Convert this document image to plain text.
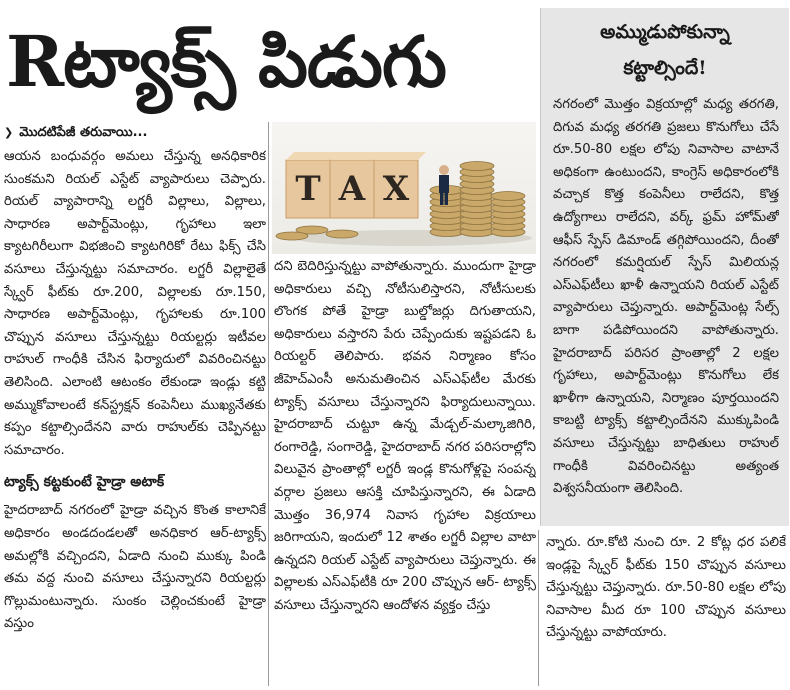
Rట్యాక్స్ పిడుగు
❯ మొదటిపేజీ తరువాయి...

ఆయన బంధువర్గం అమలు చేస్తున్న అనధికారిక సుంకమని రియల్ ఎస్టేట్ వ్యాపారులు చెప్పారు. రియల్ వ్యాపారాన్ని లగ్జరీ విల్లాలు, విల్లాలు, సాధారణ అపార్ట్‌మెంట్లు, గృహాలు ఇలా క్యాటగిరీలుగా విభజించి క్యాటగిరికో రేటు ఫిక్స్ చేసి వసూలు చేస్తున్నట్టు సమాచారం. లగ్జరీ విల్లాలైతే స్క్వేర్ ఫీట్‌కు రూ.200, విల్లాలకు రూ.150, సాధారణ అపార్ట్‌మెంట్లు, గృహాలకు రూ.100 చొప్పున వసూలు చేస్తున్నట్టు రియల్టర్లు ఇటీవల రాహుల్ గాంధీకి చేసిన ఫిర్యాదులో వివరించినట్టు తెలిసింది. ఎలాంటి ఆటంకం లేకుండా ఇండ్లు కట్టి అమ్ముకోవాలంటే కన్‌స్ట్రక్షన్ కంపెనీలు ముఖ్యనేతకు కప్పం కట్టాల్సిందేనని వారు రాహుల్‌కు చెప్పినట్టు సమాచారం.

ట్యాక్స్ కట్టకుంటే హైడ్రా అటాక్

హైదరాబాద్ నగరంలో హైడ్రా వచ్చిన కొంత కాలానికే అధికారం అండదండలతో అనధికార ఆర్-ట్యాక్స్ అమల్లోకి వచ్చిందని, ఏడాది నుంచి ముక్కు పిండి తమ వద్ద నుంచి వసూలు చేస్తున్నారని రియల్టర్లు గొల్లుమంటున్నారు. సుంకం చెల్లించకుంటే హైడ్రా వస్తుం

T A X

దని బెదిరిస్తున్నట్టు వాపోతున్నారు. ముందుగా హైడ్రా అధికారులు వచ్చి నోటీసులిస్తారని, నోటీసులకు లొంగక పోతే హైడ్రా బుల్డోజర్లు దిగుతాయని, అధికారులు వస్తారని పేరు చెప్పేందుకు ఇష్టపడని ఓ రియల్టర్ తెలిపారు. భవన నిర్మాణం కోసం జీహెచ్ఎంసీ అనుమతించిన ఎస్ఎఫ్‌టీల మేరకు ట్యాక్స్ వసూలు చేస్తున్నారని ఫిర్యాదులున్నాయి. హైదరాబాద్ చుట్టూ ఉన్న మేడ్చల్-మల్కాజిగిరి, రంగారెడ్డి, సంగారెడ్డి, హైదరాబాద్ నగర పరిసరాల్లోని విలువైన ప్రాంతాల్లో లగ్జరీ ఇండ్ల కొనుగోళ్లపై సంపన్న వర్గాల ప్రజలు ఆసక్తి చూపిస్తున్నారని, ఈ ఏడాది మొత్తం 36,974 నివాస గృహాల విక్రయాలు జరిగాయని, ఇందులో 12 శాతం లగ్జరీ విల్లాల వాటా ఉన్నదని రియల్ ఎస్టేట్ వ్యాపారులు చెప్తున్నారు. ఈ విల్లాలకు ఎస్ఎఫ్‌టీకి రూ 200 చొప్పున ఆర్- ట్యాక్స్ వసూలు చేస్తున్నారని ఆందోళన వ్యక్తం చేస్తు

అమ్ముడుపోకున్నా
కట్టాల్సిందే!
నగరంలో మొత్తం విక్రయాల్లో మధ్య తరగతి, దిగువ మధ్య తరగతి ప్రజలు కొనుగోలు చేసే రూ.50-80 లక్షల లోపు నివాసాల వాటానే అధికంగా ఉంటుందని, కాంగ్రెస్ అధికారంలోకి వచ్చాక కొత్త కంపెనీలు రాలేదని, కొత్త ఉద్యోగాలు రాలేదని, వర్క్ ఫ్రమ్ హోమ్‌తో ఆఫీస్ స్పేస్ డిమాండ్ తగ్గిపోయిందని, దీంతో నగరంలో కమర్షియల్ స్పేస్ మిలియన్ల ఎస్ఎఫ్‌టీలు ఖాళీ ఉన్నాయని రియల్ ఎస్టేట్ వ్యాపారులు చెప్తున్నారు. అపార్ట్‌మెంట్ల సేల్స్ బాగా పడిపోయిందని వాపోతున్నారు. హైదరాబాద్ పరిసర ప్రాంతాల్లో 2 లక్షల గృహాలు, అపార్ట్‌మెంట్లు కొనుగోలు లేక ఖాళీగా ఉన్నాయని, నిర్మాణం పూర్తయిందని కాబట్టి ట్యాక్స్ కట్టాల్సిందేనని ముక్కుపిండి వసూలు చేస్తున్నట్టు బాధితులు రాహుల్ గాంధీకి వివరించినట్టు అత్యంత విశ్వసనీయంగా తెలిసింది.

న్నారు. రూ.కోటి నుంచి రూ. 2 కోట్ల ధర పలికే ఇండ్లపై స్క్వేర్ ఫీట్‌కు 150 చొప్పున వసూలు చేస్తున్నట్టు చెప్తున్నారు. రూ.50-80 లక్షల లోపు నివాసాల మీద రూ 100 చొప్పున వసూలు చేస్తున్నట్టు వాపోయారు.
